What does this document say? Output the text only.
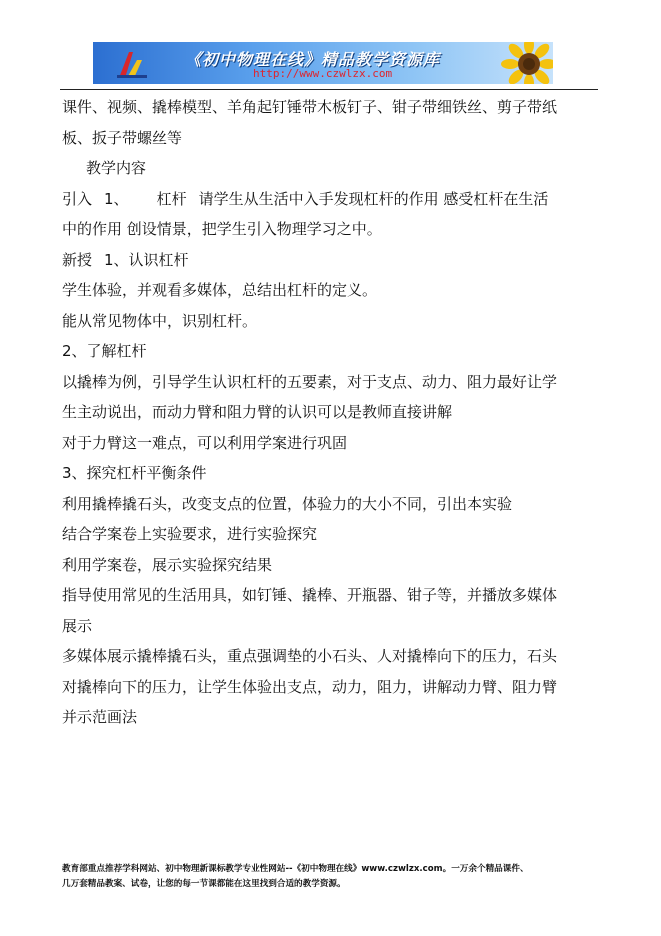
《初中物理在线》精品教学资源库
http://www.czwlzx.com
课件、视频、撬棒模型、羊角起钉锤带木板钉子、钳子带细铁丝、剪子带纸
板、扳子带螺丝等
教学内容
引入 1、 杠杆 请学生从生活中入手发现杠杆的作用 感受杠杆在生活
中的作用 创设情景，把学生引入物理学习之中。
新授 1、认识杠杆
学生体验，并观看多媒体，总结出杠杆的定义。
能从常见物体中，识别杠杆。
2、了解杠杆
以撬棒为例，引导学生认识杠杆的五要素，对于支点、动力、阻力最好让学
生主动说出，而动力臂和阻力臂的认识可以是教师直接讲解
对于力臂这一难点，可以利用学案进行巩固
3、探究杠杆平衡条件
利用撬棒撬石头，改变支点的位置，体验力的大小不同，引出本实验
结合学案卷上实验要求，进行实验探究
利用学案卷，展示实验探究结果
指导使用常见的生活用具，如钉锤、撬棒、开瓶器、钳子等，并播放多媒体
展示
多媒体展示撬棒撬石头，重点强调垫的小石头、人对撬棒向下的压力，石头
对撬棒向下的压力，让学生体验出支点，动力，阻力，讲解动力臂、阻力臂
并示范画法
教育部重点推荐学科网站、初中物理新课标教学专业性网站--《初中物理在线》www.czwlzx.com。一万余个精品课件、
几万套精品教案、试卷，让您的每一节课都能在这里找到合适的教学资源。
